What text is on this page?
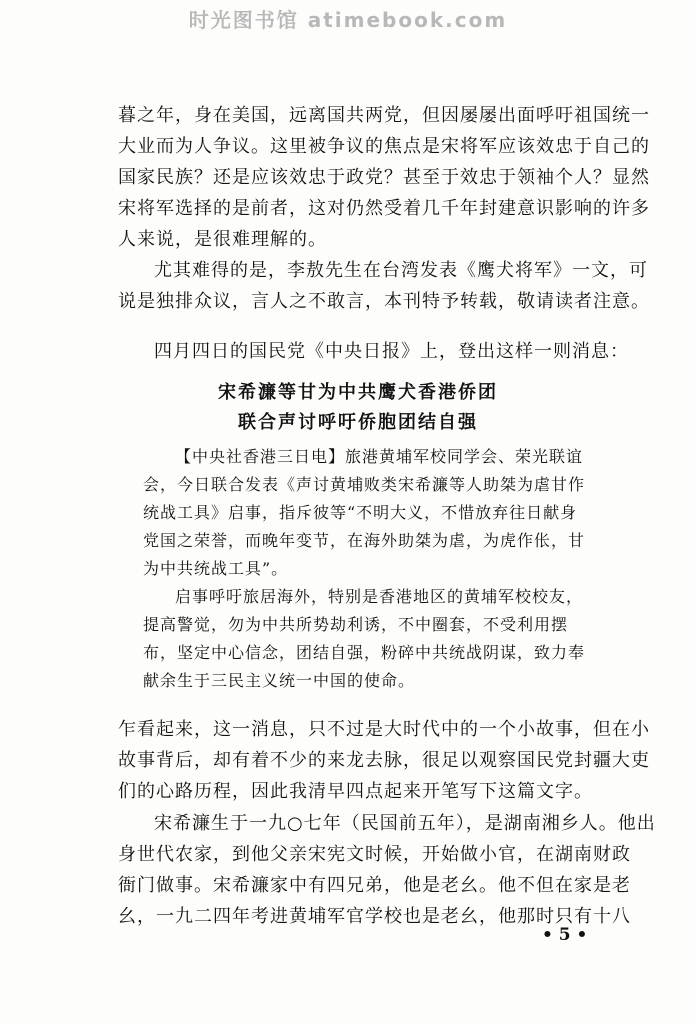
时光图书馆 atimebook.com
暮之年，身在美国，远离国共两党，但因屡屡出面呼吁祖国统一
大业而为人争议。这里被争议的焦点是宋将军应该效忠于自己的
国家民族？还是应该效忠于政党？甚至于效忠于领袖个人？显然
宋将军选择的是前者，这对仍然受着几千年封建意识影响的许多
人来说，是很难理解的。
尤其难得的是，李敖先生在台湾发表《鹰犬将军》一文，可
说是独排众议，言人之不敢言，本刊特予转载，敬请读者注意。
四月四日的国民党《中央日报》上，登出这样一则消息：
宋希濂等甘为中共鹰犬香港侨团
联合声讨呼吁侨胞团结自强
【中央社香港三日电】旅港黄埔军校同学会、荣光联谊
会，今日联合发表《声讨黄埔败类宋希濂等人助桀为虐甘作
统战工具》启事，指斥彼等“不明大义，不惜放弃往日献身
党国之荣誉，而晚年变节，在海外助桀为虐，为虎作伥，甘
为中共统战工具”。
启事呼吁旅居海外，特别是香港地区的黄埔军校校友，
提高警觉，勿为中共所势劫利诱，不中圈套，不受利用摆
布，坚定中心信念，团结自强，粉碎中共统战阴谋，致力奉
献余生于三民主义统一中国的使命。
乍看起来，这一消息，只不过是大时代中的一个小故事，但在小
故事背后，却有着不少的来龙去脉，很足以观察国民党封疆大吏
们的心路历程，因此我清早四点起来开笔写下这篇文字。
宋希濂生于一九○七年（民国前五年），是湖南湘乡人。他出
身世代农家，到他父亲宋宪文时候，开始做小官，在湖南财政
衙门做事。宋希濂家中有四兄弟，他是老幺。他不但在家是老
幺，一九二四年考进黄埔军官学校也是老幺，他那时只有十八
• 5 •
